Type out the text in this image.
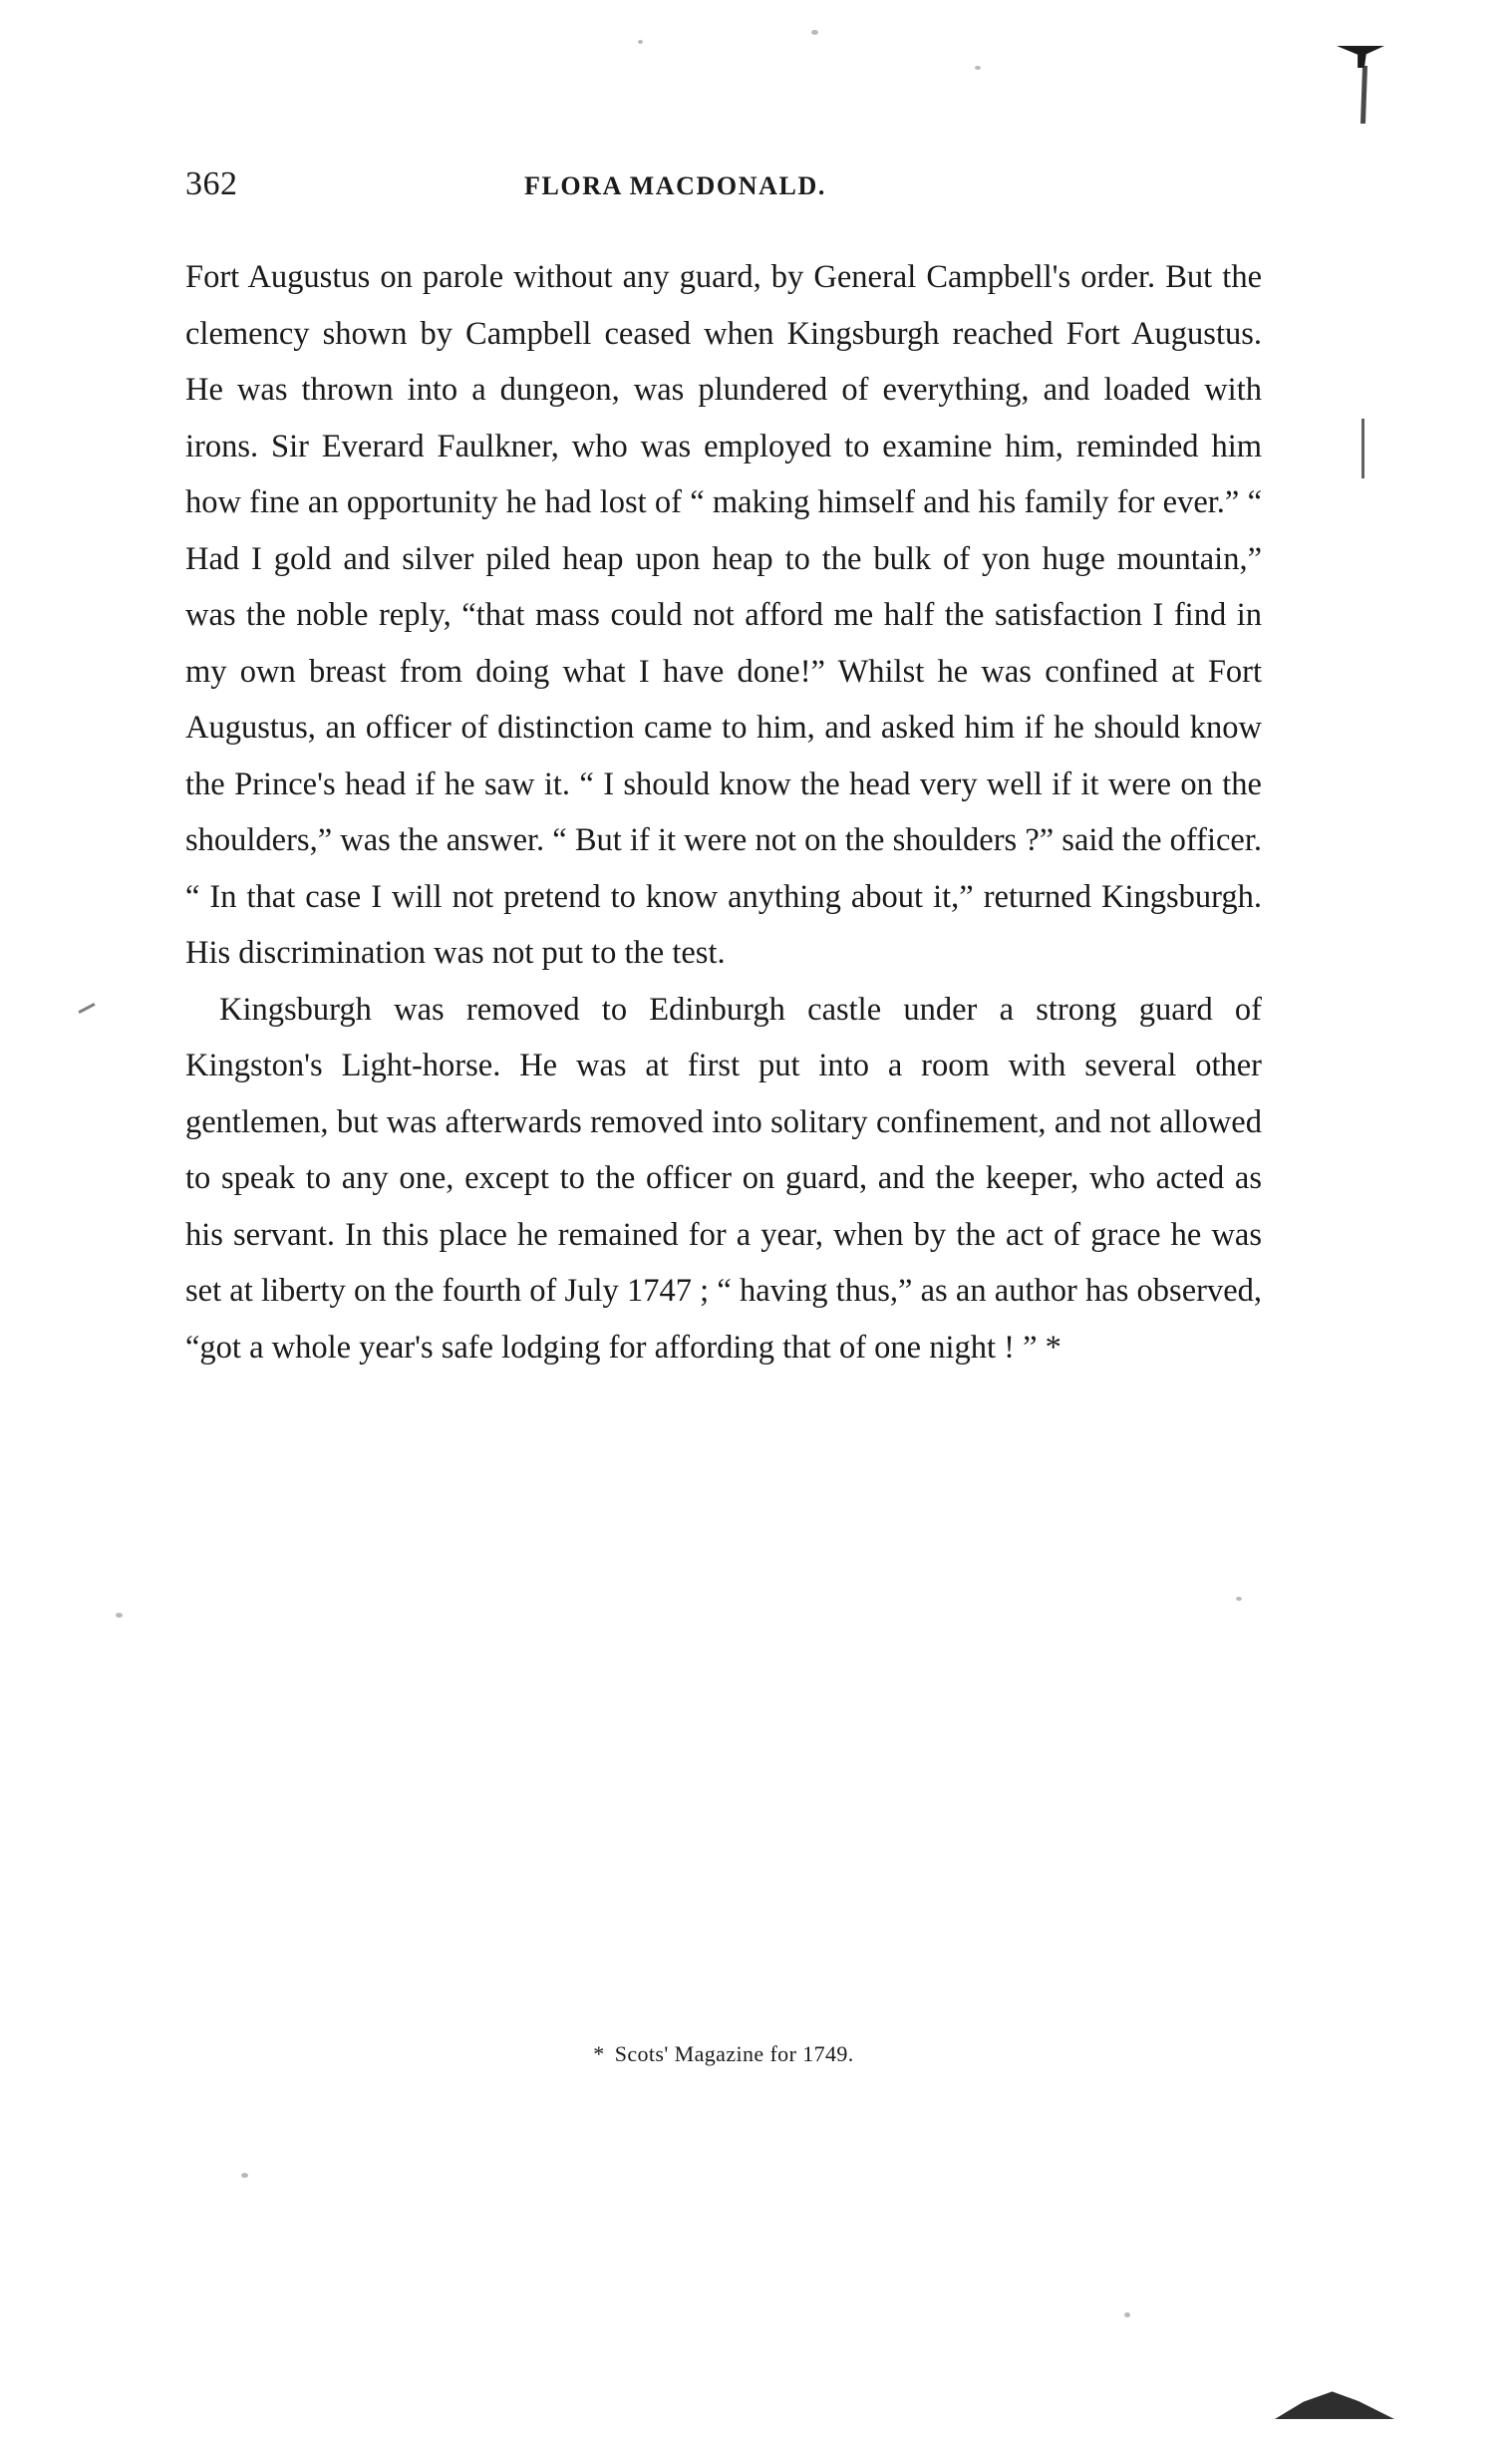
362	FLORA MACDONALD.

Fort Augustus on parole without any guard, by General Campbell's order. But the clemency shown by Campbell ceased when Kingsburgh reached Fort Augustus. He was thrown into a dungeon, was plundered of everything, and loaded with irons. Sir Everard Faulkner, who was employed to examine him, reminded him how fine an opportunity he had lost of “ making himself and his family for ever.” “ Had I gold and silver piled heap upon heap to the bulk of yon huge mountain,” was the noble reply, “that mass could not afford me half the satisfaction I find in my own breast from doing what I have done!” Whilst he was confined at Fort Augustus, an officer of distinction came to him, and asked him if he should know the Prince's head if he saw it. “ I should know the head very well if it were on the shoulders,” was the answer. “ But if it were not on the shoulders ?” said the officer. “ In that case I will not pretend to know anything about it,” returned Kingsburgh. His discrimination was not put to the test.

Kingsburgh was removed to Edinburgh castle under a strong guard of Kingston's Light-horse. He was at first put into a room with several other gentlemen, but was afterwards removed into solitary confinement, and not allowed to speak to any one, except to the officer on guard, and the keeper, who acted as his servant. In this place he remained for a year, when by the act of grace he was set at liberty on the fourth of July 1747 ; “ having thus,” as an author has observed, “got a whole year's safe lodging for affording that of one night ! ” *

* Scots' Magazine for 1749.
